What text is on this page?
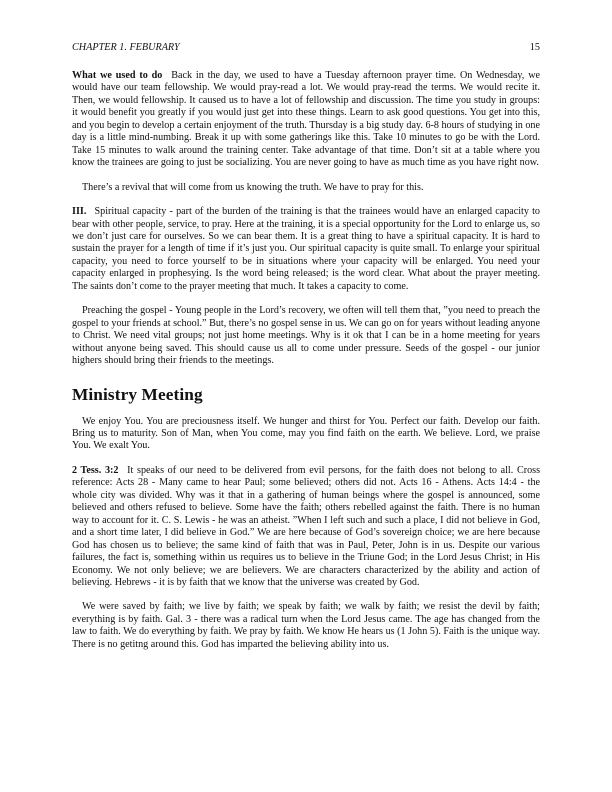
CHAPTER 1. FEBURARY	15

What we used to do Back in the day, we used to have a Tuesday afternoon prayer time. On Wednesday, we would have our team fellowship. We would pray-read a lot. We would pray-read the terms. We would recite it. Then, we would fellowship. It caused us to have a lot of fellowship and discussion. The time you study in groups: it would benefit you greatly if you would just get into these things. Learn to ask good questions. You get into this, and you begin to develop a certain enjoyment of the truth. Thursday is a big study day. 6-8 hours of studying in one day is a little mind-numbing. Break it up with some gatherings like this. Take 10 minutes to go be with the Lord. Take 15 minutes to walk around the training center. Take advantage of that time. Don’t sit at a table where you know the trainees are going to just be socializing. You are never going to have as much time as you have right now.

There’s a revival that will come from us knowing the truth. We have to pray for this.

III. Spiritual capacity - part of the burden of the training is that the trainees would have an enlarged capacity to bear with other people, service, to pray. Here at the training, it is a special opportunity for the Lord to enlarge us, so we don’t just care for ourselves. So we can bear them. It is a great thing to have a spiritual capacity. It is hard to sustain the prayer for a length of time if it’s just you. Our spiritual capacity is quite small. To enlarge your spiritual capacity, you need to force yourself to be in situations where your capacity will be enlarged. You need your capacity enlarged in prophesying. Is the word being released; is the word clear. What about the prayer meeting. The saints don’t come to the prayer meeting that much. It takes a capacity to come.

Preaching the gospel - Young people in the Lord’s recovery, we often will tell them that, ”you need to preach the gospel to your friends at school.” But, there’s no gospel sense in us. We can go on for years without leading anyone to Christ. We need vital groups; not just home meetings. Why is it ok that I can be in a home meeting for years without anyone being saved. This should cause us all to come under pressure. Seeds of the gospel - our junior highers should bring their friends to the meetings.

Ministry Meeting

We enjoy You. You are preciousness itself. We hunger and thirst for You. Perfect our faith. Develop our faith. Bring us to maturity. Son of Man, when You come, may you find faith on the earth. We believe. Lord, we praise You. We exalt You.

2 Tess. 3:2 It speaks of our need to be delivered from evil persons, for the faith does not belong to all. Cross reference: Acts 28 - Many came to hear Paul; some believed; others did not. Acts 16 - Athens. Acts 14:4 - the whole city was divided. Why was it that in a gathering of human beings where the gospel is announced, some believed and others refused to believe. Some have the faith; others rebelled against the faith. There is no human way to account for it. C. S. Lewis - he was an atheist. ”When I left such and such a place, I did not believe in God, and a short time later, I did believe in God.” We are here because of God’s sovereign choice; we are here because God has chosen us to believe; the same kind of faith that was in Paul, Peter, John is in us. Despite our various failures, the fact is, something within us requires us to believe in the Triune God; in the Lord Jesus Christ; in His Economy. We not only believe; we are believers. We are characters characterized by the ability and action of believing. Hebrews - it is by faith that we know that the universe was created by God.

We were saved by faith; we live by faith; we speak by faith; we walk by faith; we resist the devil by faith; everything is by faith. Gal. 3 - there was a radical turn when the Lord Jesus came. The age has changed from the law to faith. We do everything by faith. We pray by faith. We know He hears us (1 John 5). Faith is the unique way. There is no getitng around this. God has imparted the believing ability into us.
